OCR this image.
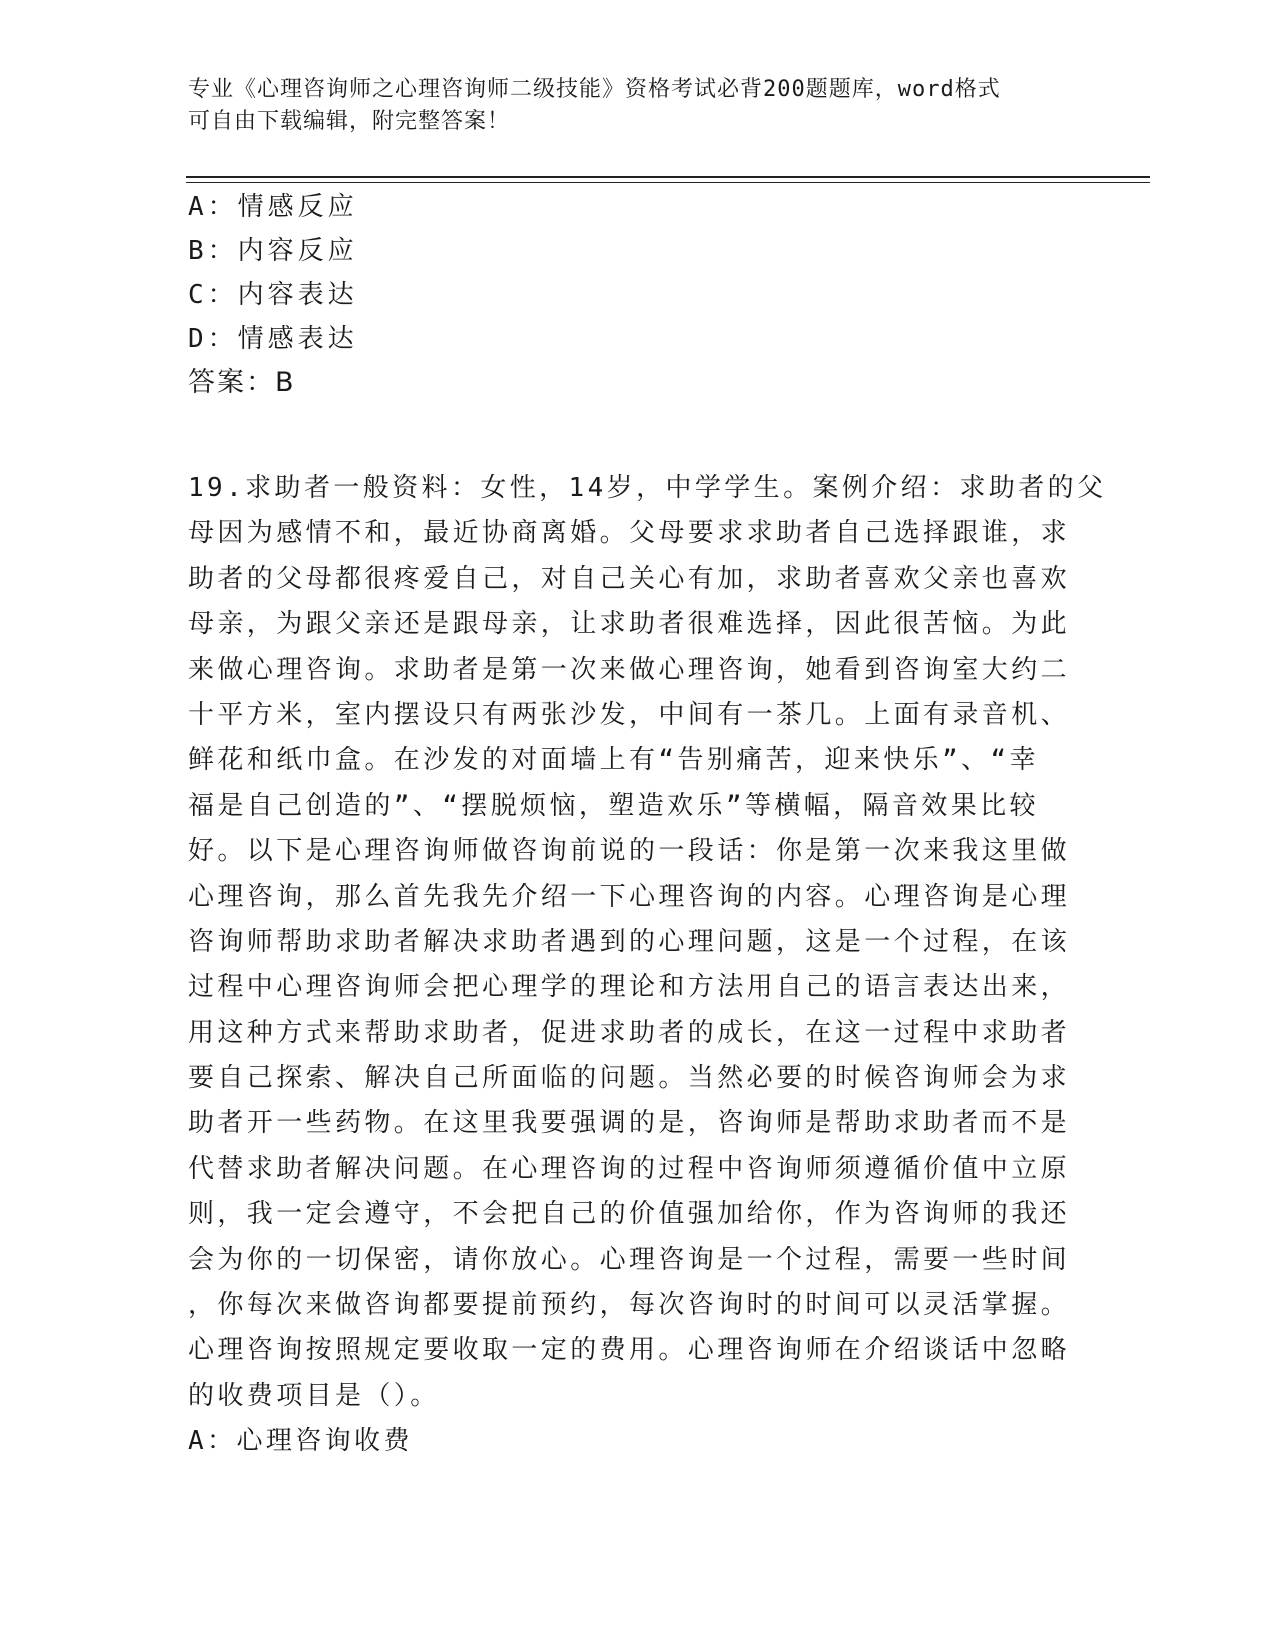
专业《心理咨询师之心理咨询师二级技能》资格考试必背200题题库，word格式
可自由下载编辑，附完整答案！
A：情感反应
B：内容反应
C：内容表达
D：情感表达
答案：B
19.求助者一般资料：女性，14岁，中学学生。案例介绍：求助者的父
母因为感情不和，最近协商离婚。父母要求求助者自己选择跟谁，求
助者的父母都很疼爱自己，对自己关心有加，求助者喜欢父亲也喜欢
母亲，为跟父亲还是跟母亲，让求助者很难选择，因此很苦恼。为此
来做心理咨询。求助者是第一次来做心理咨询，她看到咨询室大约二
十平方米，室内摆设只有两张沙发，中间有一茶几。上面有录音机、
鲜花和纸巾盒。在沙发的对面墙上有“告别痛苦，迎来快乐”、“幸
福是自己创造的”、“摆脱烦恼，塑造欢乐”等横幅，隔音效果比较
好。以下是心理咨询师做咨询前说的一段话：你是第一次来我这里做
心理咨询，那么首先我先介绍一下心理咨询的内容。心理咨询是心理
咨询师帮助求助者解决求助者遇到的心理问题，这是一个过程，在该
过程中心理咨询师会把心理学的理论和方法用自己的语言表达出来，
用这种方式来帮助求助者，促进求助者的成长，在这一过程中求助者
要自己探索、解决自己所面临的问题。当然必要的时候咨询师会为求
助者开一些药物。在这里我要强调的是，咨询师是帮助求助者而不是
代替求助者解决问题。在心理咨询的过程中咨询师须遵循价值中立原
则，我一定会遵守，不会把自己的价值强加给你，作为咨询师的我还
会为你的一切保密，请你放心。心理咨询是一个过程，需要一些时间
，你每次来做咨询都要提前预约，每次咨询时的时间可以灵活掌握。
心理咨询按照规定要收取一定的费用。心理咨询师在介绍谈话中忽略
的收费项目是（）。
A：心理咨询收费
